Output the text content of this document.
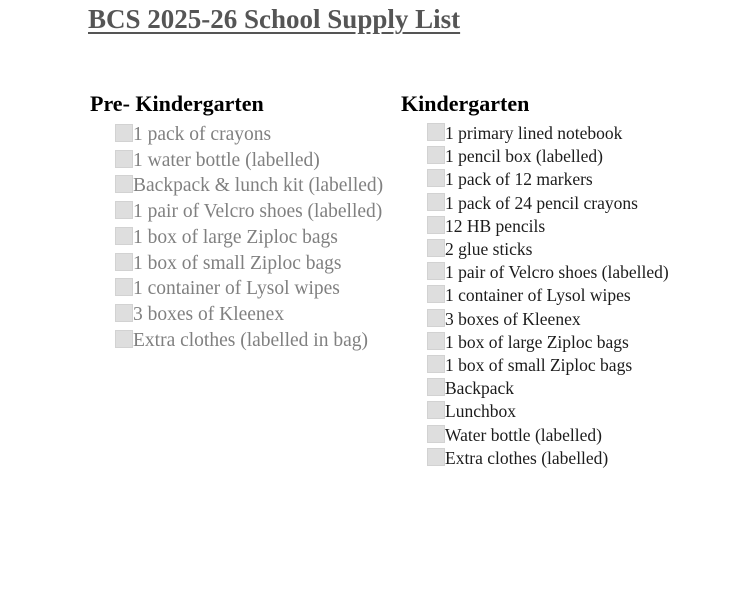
BCS 2025-26 School Supply List
Pre- Kindergarten
1 pack of crayons
1 water bottle (labelled)
Backpack & lunch kit (labelled)
1 pair of Velcro shoes (labelled)
1 box of large Ziploc bags
1 box of small Ziploc bags
1 container of Lysol wipes
3 boxes of Kleenex
Extra clothes (labelled in bag)
Kindergarten
1 primary lined notebook
1 pencil box (labelled)
1 pack of 12 markers
1 pack of 24 pencil crayons
12 HB pencils
2 glue sticks
1 pair of Velcro shoes (labelled)
1 container of Lysol wipes
3 boxes of Kleenex
1 box of large Ziploc bags
1 box of small Ziploc bags
Backpack
Lunchbox
Water bottle (labelled)
Extra clothes (labelled)
